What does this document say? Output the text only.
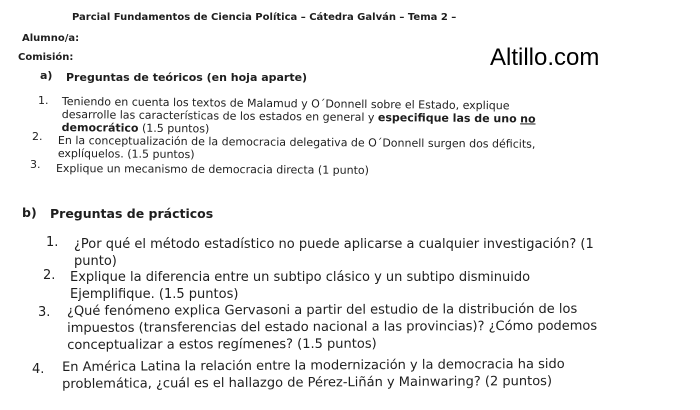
Parcial Fundamentos de Ciencia Política – Cátedra Galván – Tema 2 –
Alumno/a:
Comisión:	Altillo.com
a) Preguntas de teóricos (en hoja aparte)
1. Teniendo en cuenta los textos de Malamud y O´Donnell sobre el Estado, explique
desarrolle las características de los estados en general y especifique las de uno no
democrático (1.5 puntos)
2. En la conceptualización de la democracia delegativa de O´Donnell surgen dos déficits,
explíquelos. (1.5 puntos)
3. Explique un mecanismo de democracia directa (1 punto)
b) Preguntas de prácticos
1. ¿Por qué el método estadístico no puede aplicarse a cualquier investigación? (1
punto)
2. Explique la diferencia entre un subtipo clásico y un subtipo disminuido
Ejemplifique. (1.5 puntos)
3. ¿Qué fenómeno explica Gervasoni a partir del estudio de la distribución de los
impuestos (transferencias del estado nacional a las provincias)? ¿Cómo podemos
conceptualizar a estos regímenes? (1.5 puntos)
4. En América Latina la relación entre la modernización y la democracia ha sido
problemática, ¿cuál es el hallazgo de Pérez-Liñán y Mainwaring? (2 puntos)
